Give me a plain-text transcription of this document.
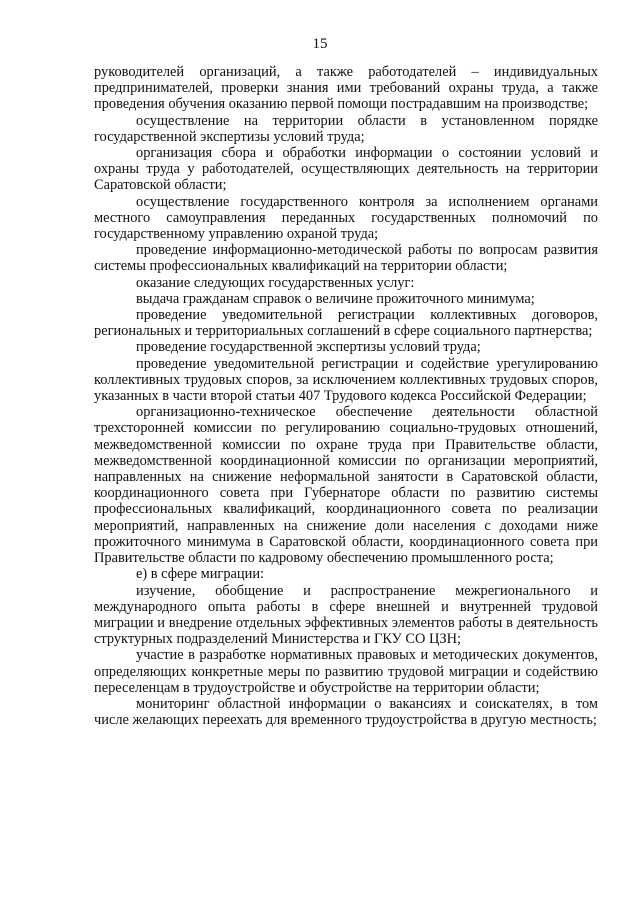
15

руководителей организаций, а также работодателей – индивидуальных предпринимателей, проверки знания ими требований охраны труда, а также проведения обучения оказанию первой помощи пострадавшим на производстве;

осуществление на территории области в установленном порядке государственной экспертизы условий труда;

организация сбора и обработки информации о состоянии условий и охраны труда у работодателей, осуществляющих деятельность на территории Саратовской области;

осуществление государственного контроля за исполнением органами местного самоуправления переданных государственных полномочий по государственному управлению охраной труда;

проведение информационно-методической работы по вопросам развития системы профессиональных квалификаций на территории области;

оказание следующих государственных услуг:

выдача гражданам справок о величине прожиточного минимума;

проведение уведомительной регистрации коллективных договоров, региональных и территориальных соглашений в сфере социального партнерства;

проведение государственной экспертизы условий труда;

проведение уведомительной регистрации и содействие урегулированию коллективных трудовых споров, за исключением коллективных трудовых споров, указанных в части второй статьи 407 Трудового кодекса Российской Федерации;

организационно-техническое обеспечение деятельности областной трехсторонней комиссии по регулированию социально-трудовых отношений, межведомственной комиссии по охране труда при Правительстве области, межведомственной координационной комиссии по организации мероприятий, направленных на снижение неформальной занятости в Саратовской области, координационного совета при Губернаторе области по развитию системы профессиональных квалификаций, координационного совета по реализации мероприятий, направленных на снижение доли населения с доходами ниже прожиточного минимума в Саратовской области, координационного совета при Правительстве области по кадровому обеспечению промышленного роста;

е) в сфере миграции:

изучение, обобщение и распространение межрегионального и международного опыта работы в сфере внешней и внутренней трудовой миграции и внедрение отдельных эффективных элементов работы в деятельность структурных подразделений Министерства и ГКУ СО ЦЗН;

участие в разработке нормативных правовых и методических документов, определяющих конкретные меры по развитию трудовой миграции и содействию переселенцам в трудоустройстве и обустройстве на территории области;

мониторинг областной информации о вакансиях и соискателях, в том числе желающих переехать для временного трудоустройства в другую местность;
